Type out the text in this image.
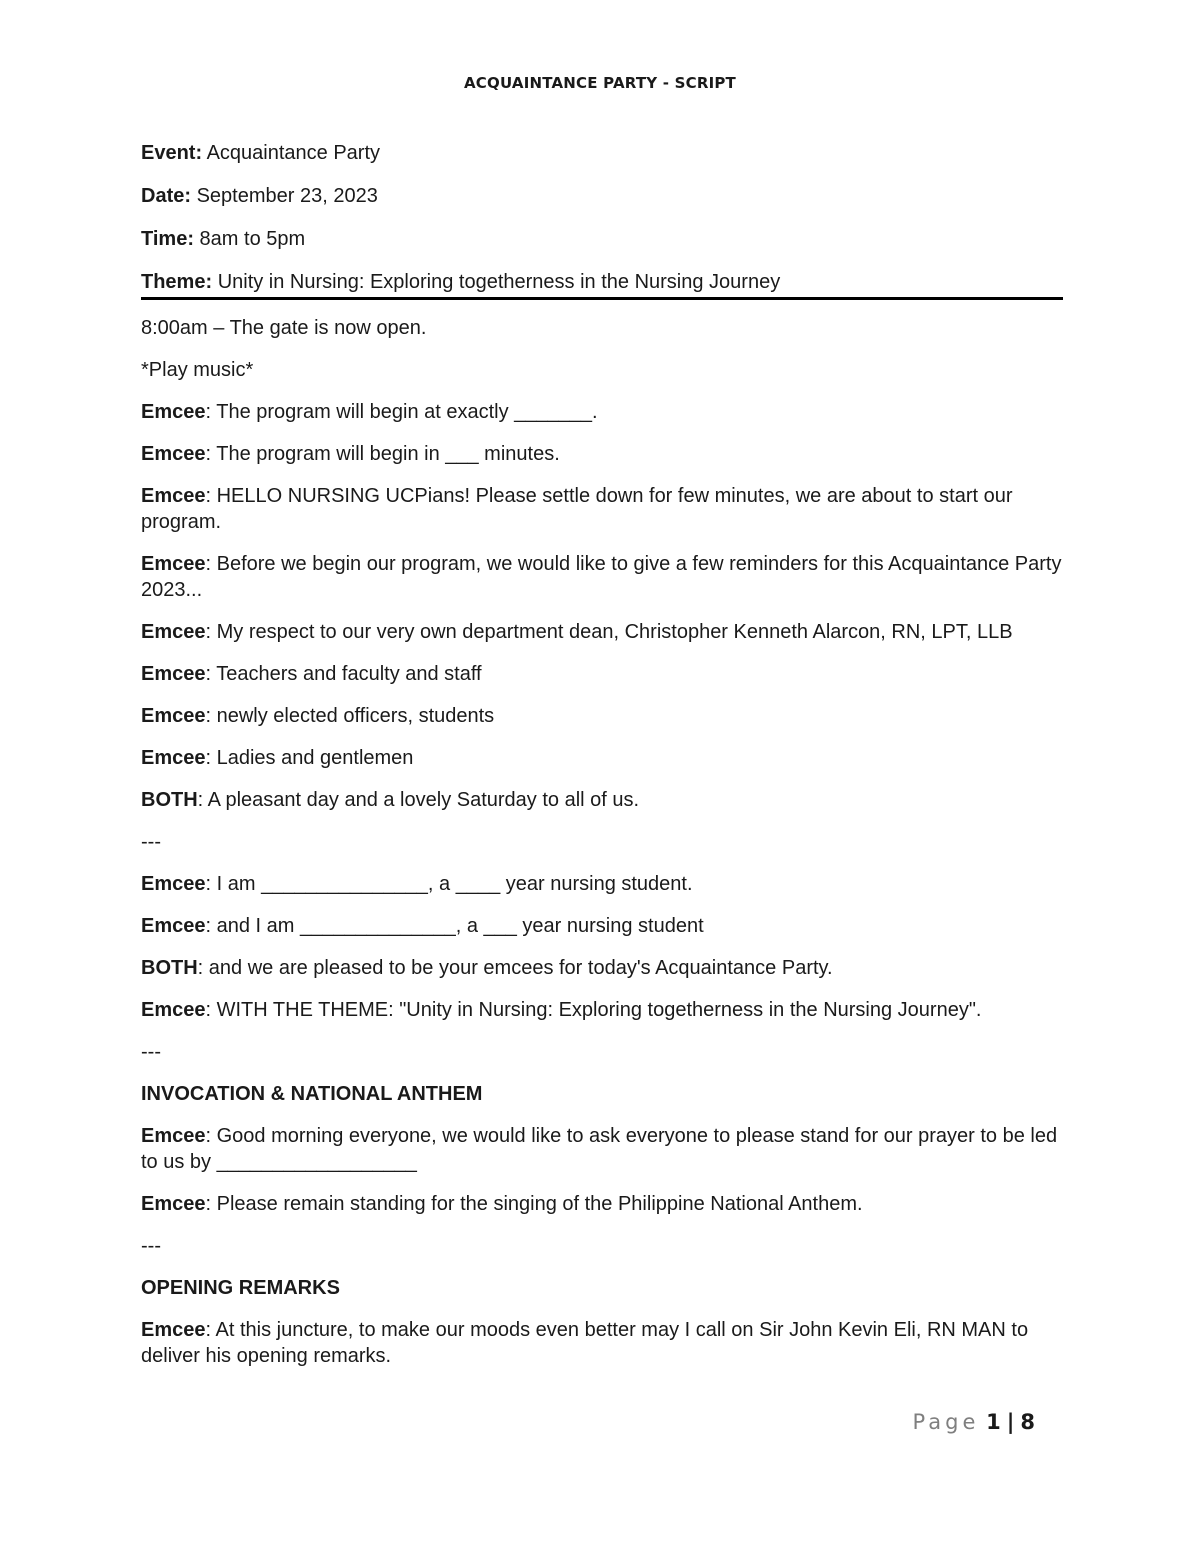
ACQUAINTANCE PARTY - SCRIPT
Event: Acquaintance Party
Date: September 23, 2023
Time: 8am to 5pm
Theme: Unity in Nursing: Exploring togetherness in the Nursing Journey

8:00am – The gate is now open.

*Play music*

Emcee: The program will begin at exactly _______.

Emcee: The program will begin in ___ minutes.

Emcee: HELLO NURSING UCPians! Please settle down for few minutes, we are about to start our program.

Emcee: Before we begin our program, we would like to give a few reminders for this Acquaintance Party 2023...

Emcee: My respect to our very own department dean, Christopher Kenneth Alarcon, RN, LPT, LLB

Emcee: Teachers and faculty and staff

Emcee: newly elected officers, students

Emcee: Ladies and gentlemen

BOTH: A pleasant day and a lovely Saturday to all of us.

---

Emcee: I am _______________, a ____ year nursing student.

Emcee: and I am ______________, a ___ year nursing student

BOTH: and we are pleased to be your emcees for today's Acquaintance Party.

Emcee: WITH THE THEME: "Unity in Nursing: Exploring togetherness in the Nursing Journey".

---

INVOCATION & NATIONAL ANTHEM

Emcee: Good morning everyone, we would like to ask everyone to please stand for our prayer to be led to us by __________________

Emcee: Please remain standing for the singing of the Philippine National Anthem.

---

OPENING REMARKS

Emcee: At this juncture, to make our moods even better may I call on Sir John Kevin Eli, RN MAN to deliver his opening remarks.

Page 1 | 8
